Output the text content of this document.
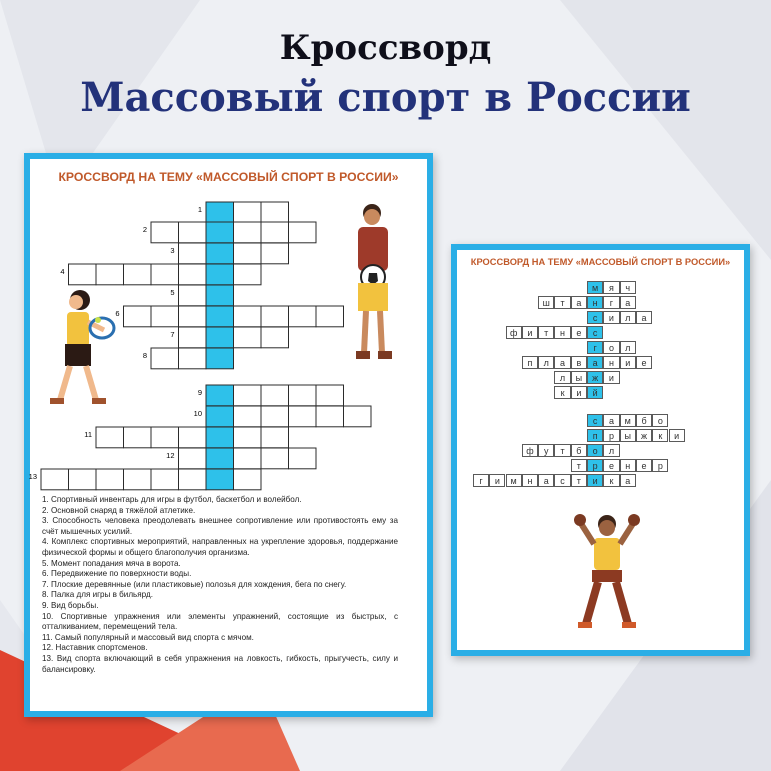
Кроссворд
Массовый спорт в России
КРОССВОРД НА ТЕМУ «МАССОВЫЙ СПОРТ В РОССИИ»
1
2
3
4
5
6
7
8
9
10
11
12
13

1. Спортивный инвентарь для игры в футбол, баскетбол и волейбол.

2. Основной снаряд в тяжёлой атлетике.

3. Способность человека преодолевать внешнее сопротивление или противостоять ему за счёт мышечных усилий.

4. Комплекс спортивных мероприятий, направленных на укрепление здоровья, поддержание физической формы и общего благополучия организма.

5. Момент попадания мяча в ворота.

6. Передвижение по поверхности воды.

7. Плоские деревянные (или пластиковые) полозья для хождения, бега по снегу.

8. Палка для игры в бильярд.

9. Вид борьбы.

10. Спортивные упражнения или элементы упражнений, состоящие из быстрых, с отталкиванием, перемещений тела.

11. Самый популярный и массовый вид спорта с мячом.

12. Наставник спортсменов.

13. Вид спорта включающий в себя упражнения на ловкость, гибкость, прыгучесть, силу и балансировку.

КРОССВОРД НА ТЕМУ «МАССОВЫЙ СПОРТ В РОССИИ»
м	я	ч
ш	т	а	н	г	а
с	и	л	а
ф	и	т	н	е	с
г	о	л
п	л	а	в	а	н	и	е
л	ы	ж	и
к	и	й
с	а	м	б	о
п	р	ы	ж	к	и
ф	у	т	б	о	л
т	р	е	н	е	р
г	и	м	н	а	с	т	и	к	а
